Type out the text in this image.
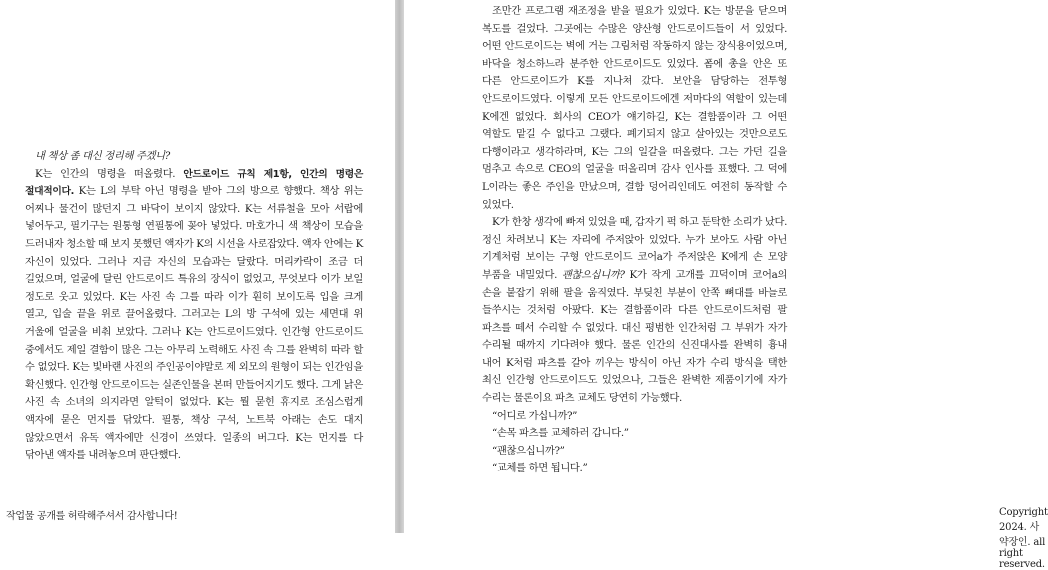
내 책상 좀 대신 정리해 주겠니?

K는 인간의 명령을 떠올렸다. 안드로이드 규칙 제1항, 인간의 명령은 절대적이다. K는 L의 부탁 아닌 명령을 받아 그의 방으로 향했다. 책상 위는 어찌나 물건이 많던지 그 바닥이 보이지 않았다. K는 서류철을 모아 서랍에 넣어두고, 필기구는 원통형 연필통에 꽂아 넣었다. 마호가니 색 책상이 모습을 드러내자 청소할 때 보지 못했던 액자가 K의 시선을 사로잡았다. 액자 안에는 K 자신이 있었다. 그러나 지금 자신의 모습과는 달랐다. 머리카락이 조금 더 길었으며, 얼굴에 달린 안드로이드 특유의 장식이 없었고, 무엇보다 이가 보일 정도로 웃고 있었다. K는 사진 속 그를 따라 이가 훤히 보이도록 입을 크게 열고, 입술 끝을 위로 끌어올렸다. 그러고는 L의 방 구석에 있는 세면대 위 거울에 얼굴을 비춰 보았다. 그러나 K는 안드로이드였다. 인간형 안드로이드 중에서도 제일 결함이 많은 그는 아무리 노력해도 사진 속 그를 완벽히 따라 할 수 없었다. K는 빛바랜 사진의 주인공이야말로 제 외모의 원형이 되는 인간임을 확신했다. 인간형 안드로이드는 실존인물을 본떠 만들어지기도 했다. 그게 낡은 사진 속 소녀의 의지라면 알턱이 없었다. K는 뭘 묻힌 휴지로 조심스럽게 액자에 묻은 먼지를 닦았다. 필통, 책상 구석, 노트북 아래는 손도 대지 않았으면서 유독 액자에만 신경이 쓰였다. 일종의 버그다. K는 먼지를 다 닦아낸 액자를 내려놓으며 판단했다.

작업물 공개를 허락해주셔서 감사합니다!	Copyright 2024. 사약장인. all right reserved.

조만간 프로그램 재조정을 받을 필요가 있었다. K는 방문을 닫으며 복도를 걸었다. 그곳에는 수많은 양산형 안드로이드들이 서 있었다. 어떤 안드로이드는 벽에 거는 그림처럼 작동하지 않는 장식용이었으며, 바닥을 청소하느라 분주한 안드로이드도 있었다. 폼에 총을 안은 또 다른 안드로이드가 K를 지나쳐 갔다. 보안을 담당하는 전투형 안드로이드였다. 이렇게 모든 안드로이드에겐 저마다의 역할이 있는데 K에겐 없었다. 회사의 CEO가 얘기하길, K는 결함품이라 그 어떤 역할도 맡길 수 없다고 그랬다. 폐기되지 않고 살아있는 것만으로도 다행이라고 생각하라며, K는 그의 일갈을 떠올렸다. 그는 가던 길을 멈추고 속으로 CEO의 얼굴을 떠올리며 감사 인사를 표했다. 그 덕에 L이라는 좋은 주인을 만났으며, 결함 덩어리인데도 여전히 동작할 수 있었다.

K가 한창 생각에 빠져 있었을 때, 갑자기 퍽 하고 둔탁한 소리가 났다. 정신 차려보니 K는 자리에 주저앉아 있었다. 누가 보아도 사람 아닌 기계처럼 보이는 구형 안드로이드 코어a가 주저앉은 K에게 손 모양 부품을 내밀었다. 괜찮으십니까? K가 작게 고개를 끄덕이며 코어a의 손을 붙잡기 위해 팔을 움직였다. 부딪친 부분이 안쪽 뼈대를 바늘로 들쑤시는 것처럼 아팠다. K는 결함품이라 다른 안드로이드처럼 팔 파츠를 떼서 수리할 수 없었다. 대신 평범한 인간처럼 그 부위가 자가 수리될 때까지 기다려야 했다. 물론 인간의 신진대사를 완벽히 흉내 내어 K처럼 파츠를 갈아 끼우는 방식이 아닌 자가 수리 방식을 택한 최신 인간형 안드로이드도 있었으나, 그들은 완벽한 제품이기에 자가 수리는 물론이요 파츠 교체도 당연히 가능했다.

“어디로 가십니까?”

“손목 파츠를 교체하러 갑니다.”

“괜찮으십니까?”

“교체를 하면 됩니다.”
